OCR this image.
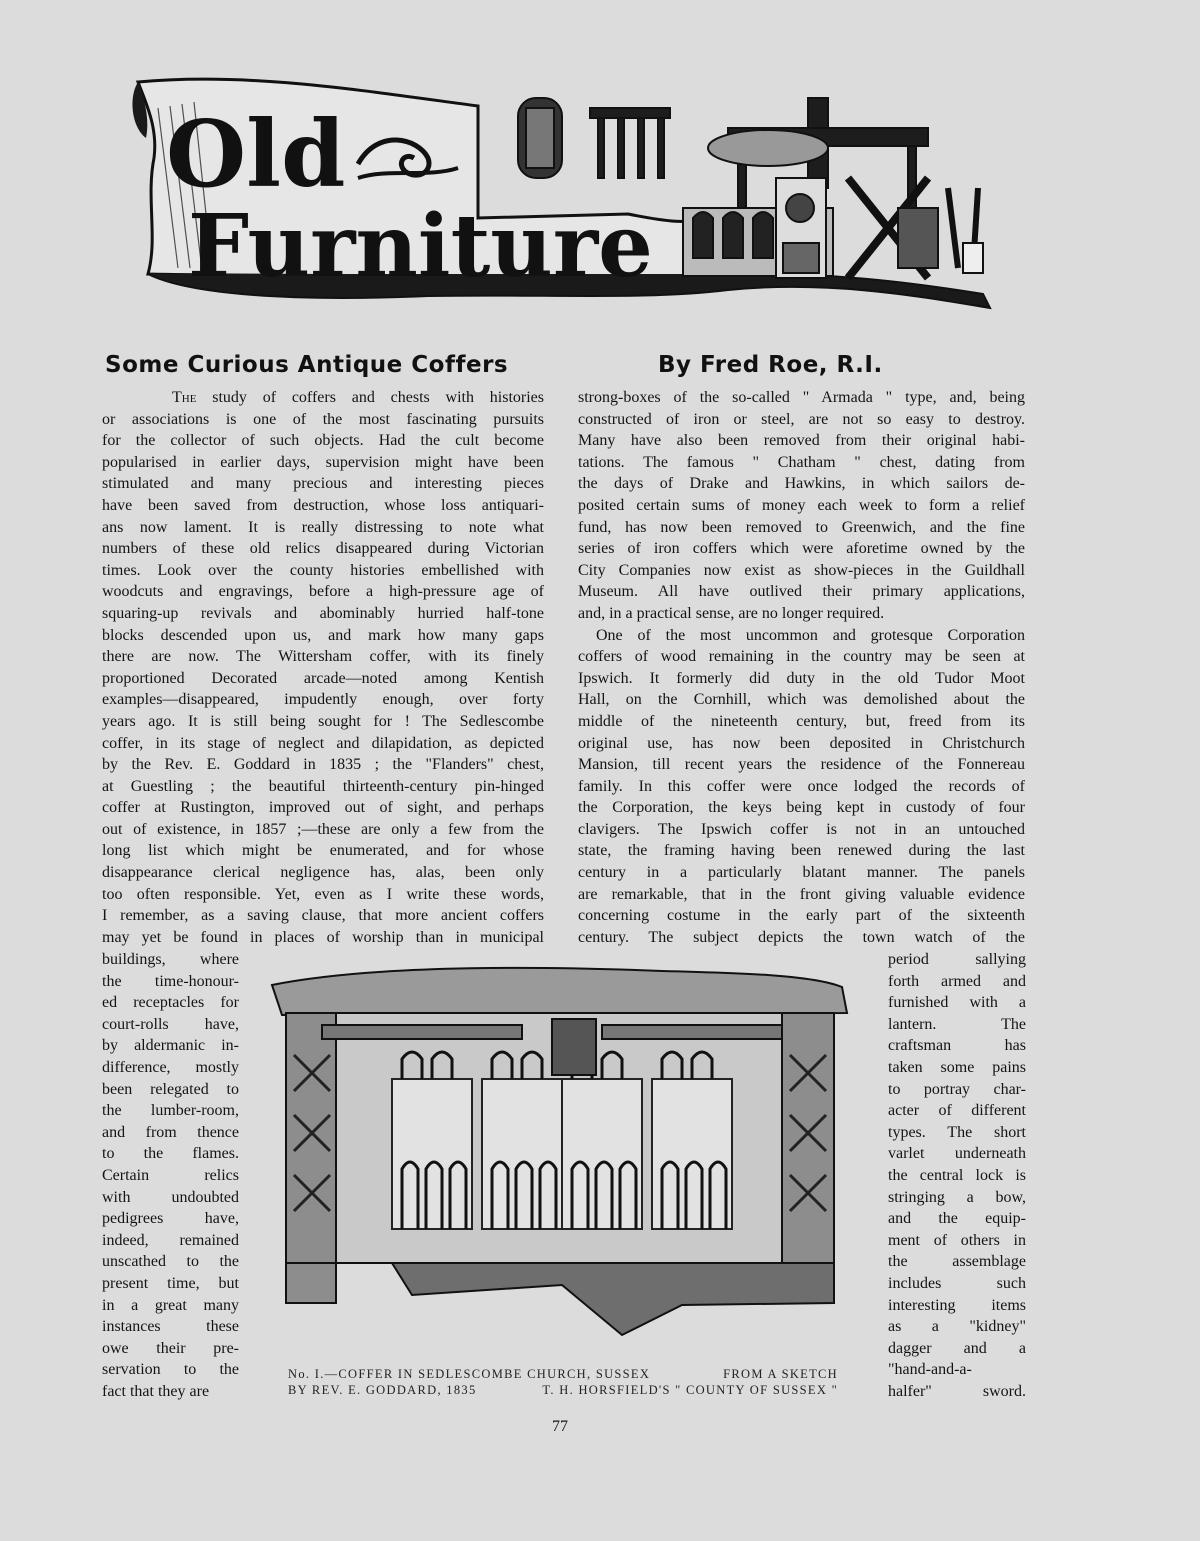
Old
Furniture
Some Curious Antique Coffers	By Fred Roe, R.I.
The study of coffers and chests with histories
or associations is one of the most fascinating pursuits
for the collector of such objects. Had the cult become
popularised in earlier days, supervision might have been
stimulated and many precious and interesting pieces
have been saved from destruction, whose loss antiquari-
ans now lament. It is really distressing to note what
numbers of these old relics disappeared during Victorian
times. Look over the county histories embellished with
woodcuts and engravings, before a high-pressure age of
squaring-up revivals and abominably hurried half-tone
blocks descended upon us, and mark how many gaps
there are now. The Wittersham coffer, with its finely
proportioned Decorated arcade—noted among Kentish
examples—disappeared, impudently enough, over forty
years ago. It is still being sought for ! The Sedlescombe
coffer, in its stage of neglect and dilapidation, as depicted
by the Rev. E. Goddard in 1835 ; the "Flanders" chest,
at Guestling ; the beautiful thirteenth-century pin-hinged
coffer at Rustington, improved out of sight, and perhaps
out of existence, in 1857 ;—these are only a few from the
long list which might be enumerated, and for whose
disappearance clerical negligence has, alas, been only
too often responsible. Yet, even as I write these words,
I remember, as a saving clause, that more ancient coffers
may yet be found in places of worship than in municipal
buildings, where
the time-honour-
ed receptacles for
court-rolls have,
by aldermanic in-
difference, mostly
been relegated to
the lumber-room,
and from thence
to the flames.
Certain relics
with undoubted
pedigrees have,
indeed, remained
unscathed to the
present time, but
in a great many
instances these
owe their pre-
servation to the
fact that they are
strong-boxes of the so-called " Armada " type, and, being
constructed of iron or steel, are not so easy to destroy.
Many have also been removed from their original habi-
tations. The famous " Chatham " chest, dating from
the days of Drake and Hawkins, in which sailors de-
posited certain sums of money each week to form a relief
fund, has now been removed to Greenwich, and the fine
series of iron coffers which were aforetime owned by the
City Companies now exist as show-pieces in the Guildhall
Museum. All have outlived their primary applications,
and, in a practical sense, are no longer required.
One of the most uncommon and grotesque Corporation
coffers of wood remaining in the country may be seen at
Ipswich. It formerly did duty in the old Tudor Moot
Hall, on the Cornhill, which was demolished about the
middle of the nineteenth century, but, freed from its
original use, has now been deposited in Christchurch
Mansion, till recent years the residence of the Fonnereau
family. In this coffer were once lodged the records of
the Corporation, the keys being kept in custody of four
clavigers. The Ipswich coffer is not in an untouched
state, the framing having been renewed during the last
century in a particularly blatant manner. The panels
are remarkable, that in the front giving valuable evidence
concerning costume in the early part of the sixteenth
century. The subject depicts the town watch of the
period sallying
forth armed and
furnished with a
lantern. The
craftsman has
taken some pains
to portray char-
acter of different
types. The short
varlet underneath
the central lock is
stringing a bow,
and the equip-
ment of others in
the assemblage
includes such
interesting items
as a "kidney"
dagger and a
"hand-and-a-
halfer" sword.
No. I.—COFFER IN SEDLESCOMBE CHURCH, SUSSEX	FROM A SKETCH
BY REV. E. GODDARD, 1835	T. H. HORSFIELD'S " COUNTY OF SUSSEX "
77
